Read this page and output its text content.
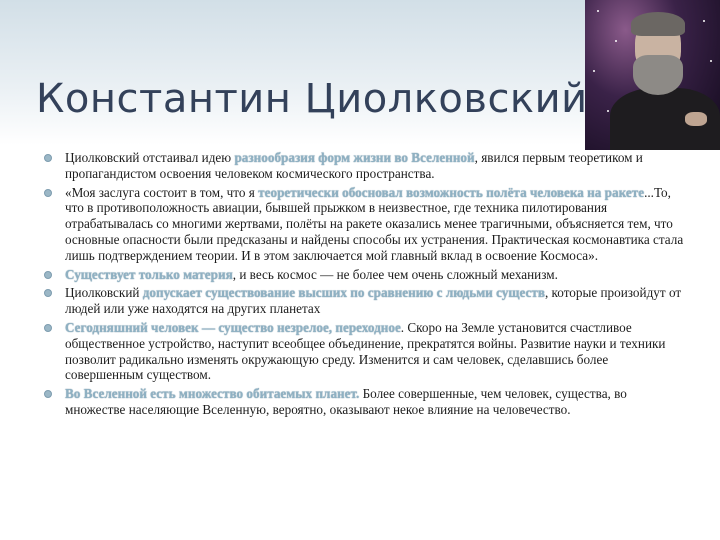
Константин Циолковский
Циолковский отстаивал идею разнообразия форм жизни во Вселенной, явился первым теоретиком и пропагандистом освоения человеком космического пространства.
«Моя заслуга состоит в том, что я теоретически обосновал возможность полёта человека на ракете...То, что в противоположность авиации, бывшей прыжком в неизвестное, где техника пилотирования отрабатывалась со многими жертвами, полёты на ракете оказались менее трагичными, объясняется тем, что основные опасности были предсказаны и найдены способы их устранения. Практическая космонавтика стала лишь подтверждением теории. И в этом заключается мой главный вклад в освоение Космоса».
Существует только материя, и весь космос — не более чем очень сложный механизм.
Циолковский допускает существование высших по сравнению с людьми существ, которые произойдут от людей или уже находятся на других планетах
Сегодняшний человек — существо незрелое, переходное. Скоро на Земле установится счастливое общественное устройство, наступит всеобщее объединение, прекратятся войны. Развитие науки и техники позволит радикально изменять окружающую среду. Изменится и сам человек, сделавшись более совершенным существом.
Во Вселенной есть множество обитаемых планет. Более совершенные, чем человек, существа, во множестве населяющие Вселенную, вероятно, оказывают некое влияние на человечество.
